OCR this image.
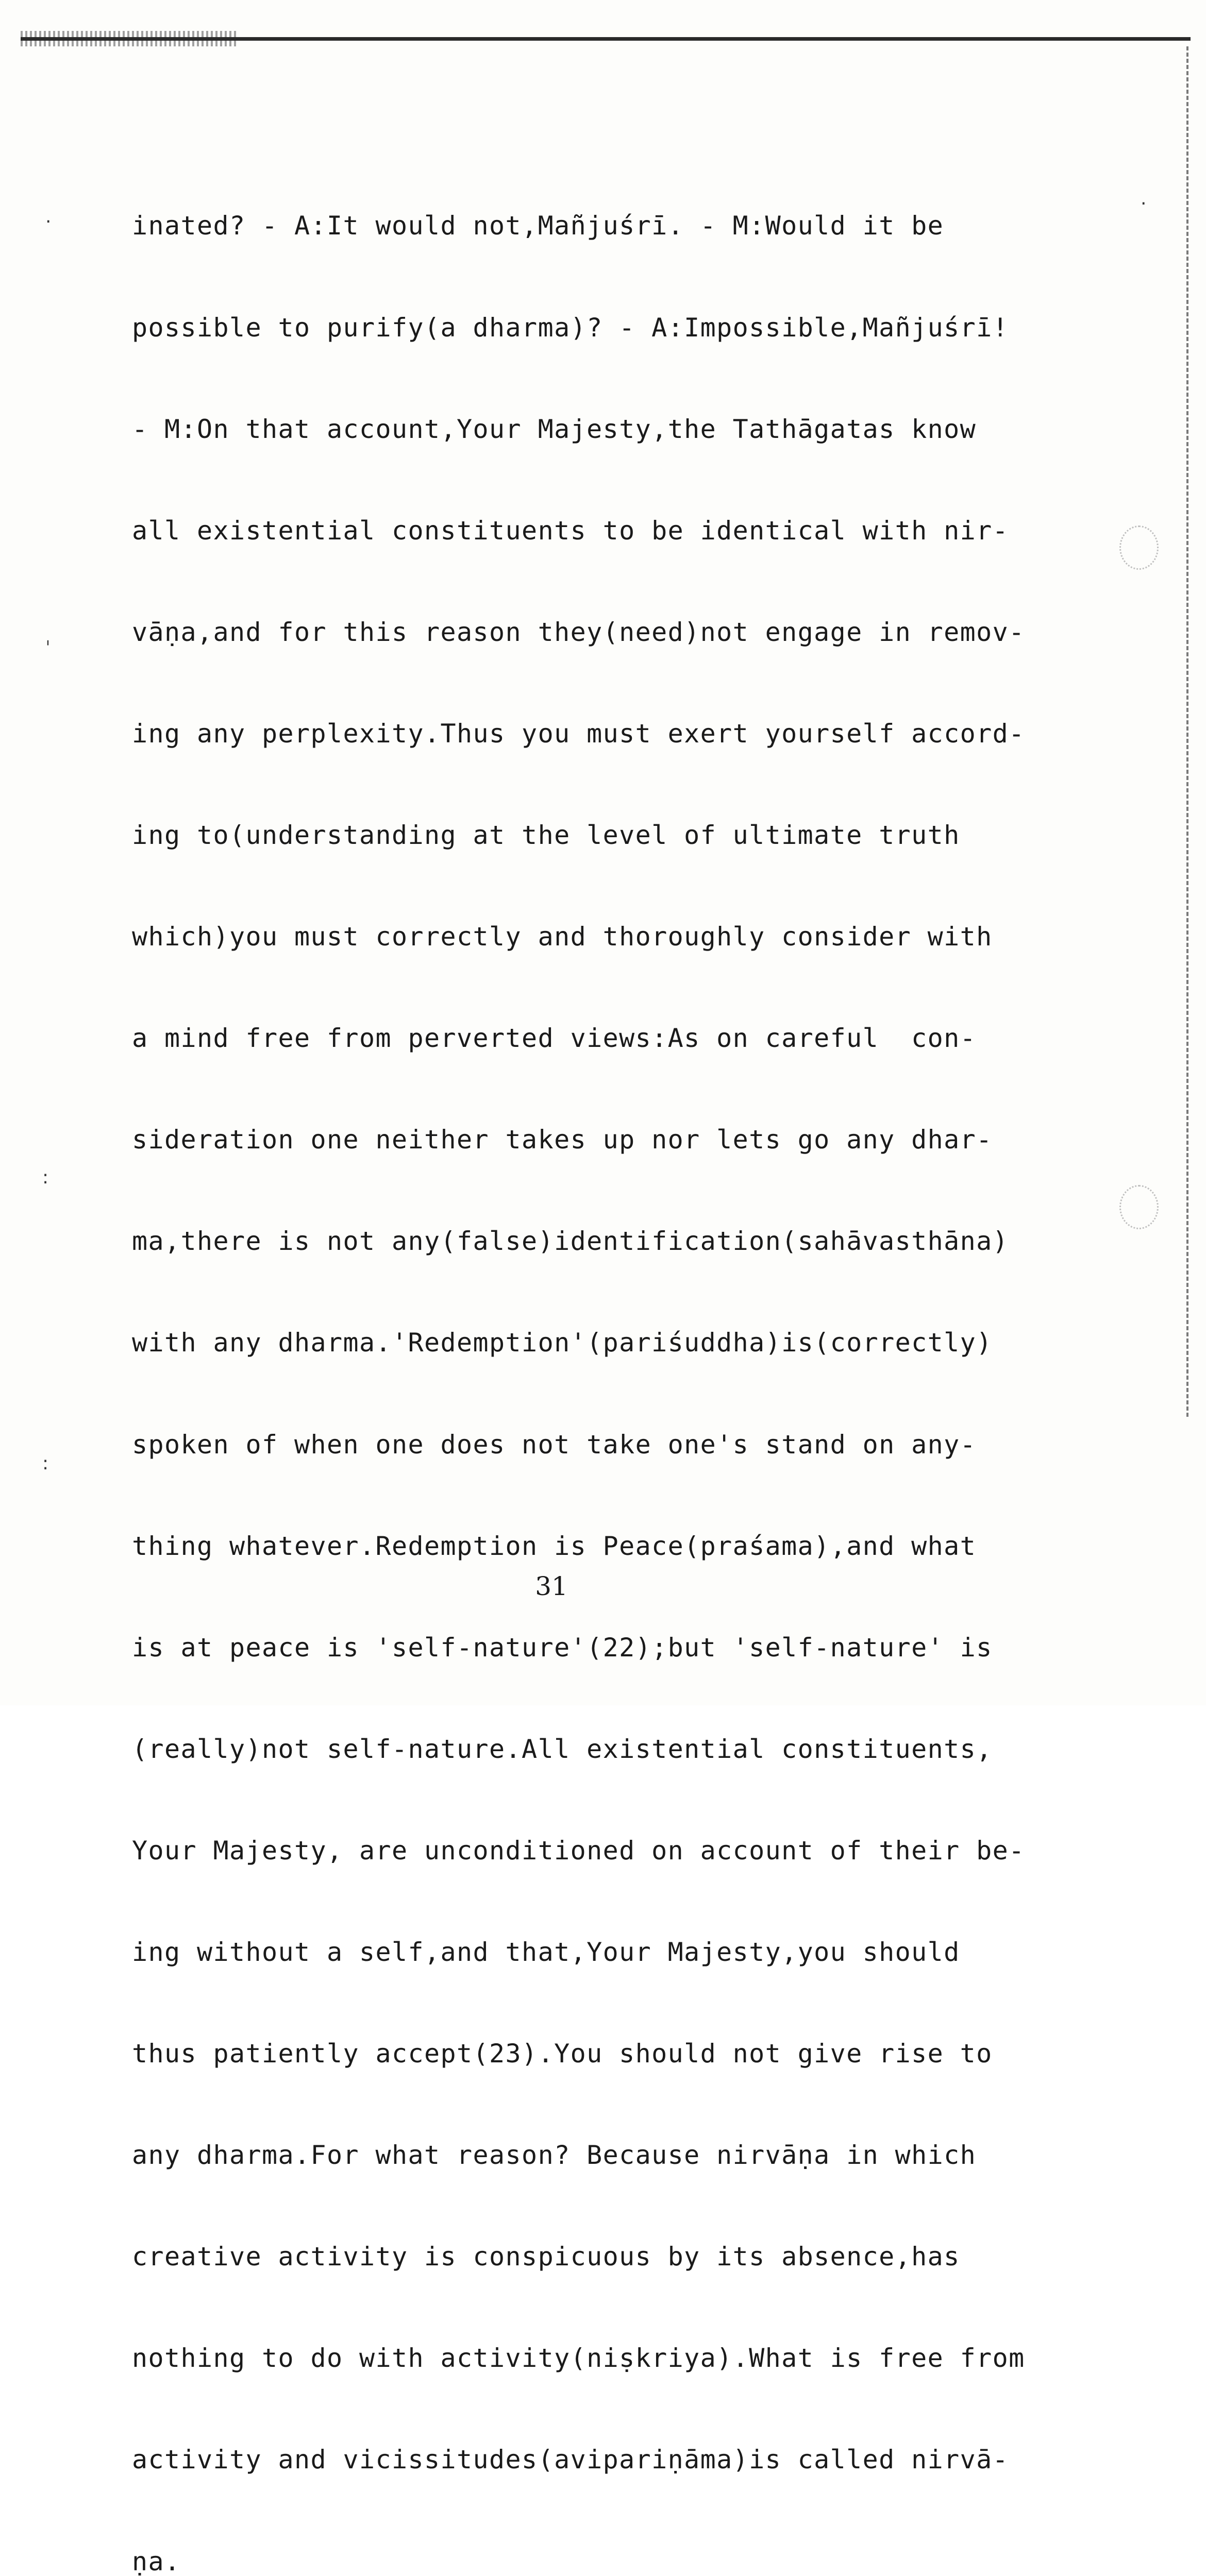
·
·
ˌ
:
:

inated? - A:It would not,Mañjuśrī. - M:Would it be

possible to purify(a dharma)? - A:Impossible,Mañjuśrī!

- M:On that account,Your Majesty,the Tathāgatas know

all existential constituents to be identical with nir-

vāṇa,and for this reason they(need)not engage in remov-

ing any perplexity.Thus you must exert yourself accord-

ing to(understanding at the level of ultimate truth

which)you must correctly and thoroughly consider with

a mind free from perverted views:As on careful  con-

sideration one neither takes up nor lets go any dhar-

ma,there is not any(false)identification(sahāvasthāna)

with any dharma.'Redemption'(pariśuddha)is(correctly)

spoken of when one does not take one's stand on any-

thing whatever.Redemption is Peace(praśama),and what

is at peace is 'self-nature'(22);but 'self-nature' is

(really)not self-nature.All existential constituents,

Your Majesty, are unconditioned on account of their be-

ing without a self,and that,Your Majesty,you should

thus patiently accept(23).You should not give rise to

any dharma.For what reason? Because nirvāṇa in which

creative activity is conspicuous by its absence,has

nothing to do with activity(niṣkriya).What is free from

activity and vicissitudes(avipariṇāma)is called nirvā-

ṇa.

31
